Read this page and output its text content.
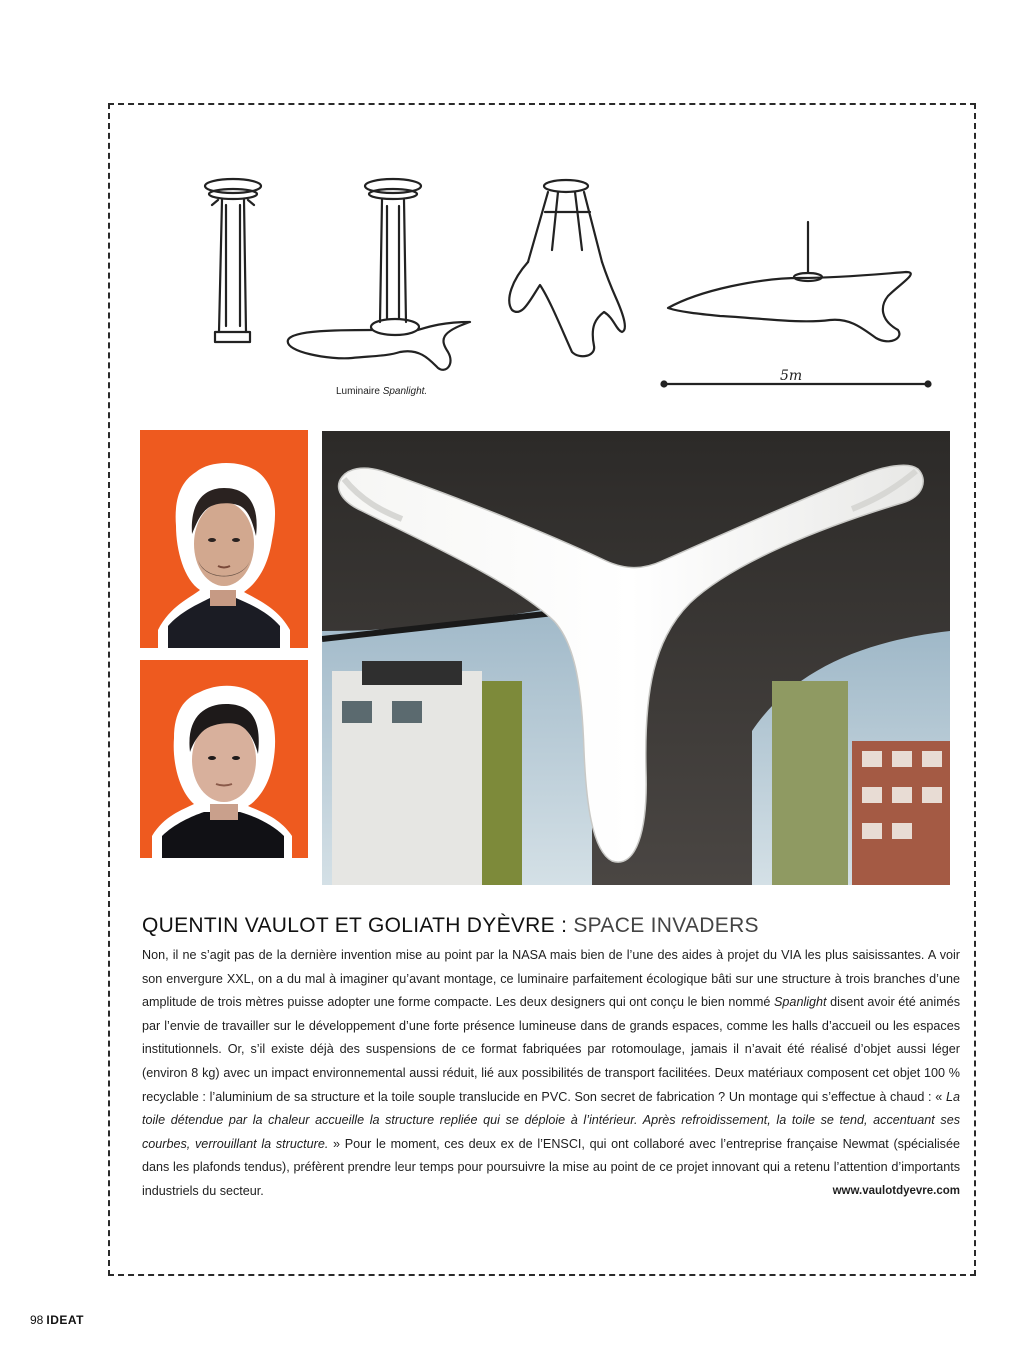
5m
Luminaire Spanlight.
QUENTIN VAULOT ET GOLIATH DYÈVRE : SPACE INVADERS
Non, il ne s’agit pas de la dernière invention mise au point par la NASA mais bien de l’une des aides à projet du VIA les plus saisissantes. A voir son envergure XXL, on a du mal à imaginer qu’avant montage, ce luminaire parfaitement écologique bâti sur une structure à trois branches d’une amplitude de trois mètres puisse adopter une forme compacte. Les deux designers qui ont conçu le bien nommé Spanlight disent avoir été animés par l’envie de travailler sur le développement d’une forte présence lumineuse dans de grands espaces, comme les halls d’accueil ou les espaces institutionnels. Or, s’il existe déjà des suspensions de ce format fabriquées par rotomoulage, jamais il n’avait été réalisé d’objet aussi léger (environ 8 kg) avec un impact environnemental aussi réduit, lié aux possibilités de transport facilitées. Deux matériaux composent cet objet 100 % recyclable : l’aluminium de sa structure et la toile souple translucide en PVC. Son secret de fabrication ? Un montage qui s’effectue à chaud : « La toile détendue par la chaleur accueille la structure repliée qui se déploie à l’intérieur. Après refroidissement, la toile se tend, accentuant ses courbes, verrouillant la structure. » Pour le moment, ces deux ex de l’ENSCI, qui ont collaboré avec l’entreprise française Newmat (spécialisée dans les plafonds tendus), préfèrent prendre leur temps pour poursuivre la mise au point de ce projet innovant qui a retenu l’attention d’importants industriels du secteur.	www.vaulotdyevre.com
98 IDEAT
